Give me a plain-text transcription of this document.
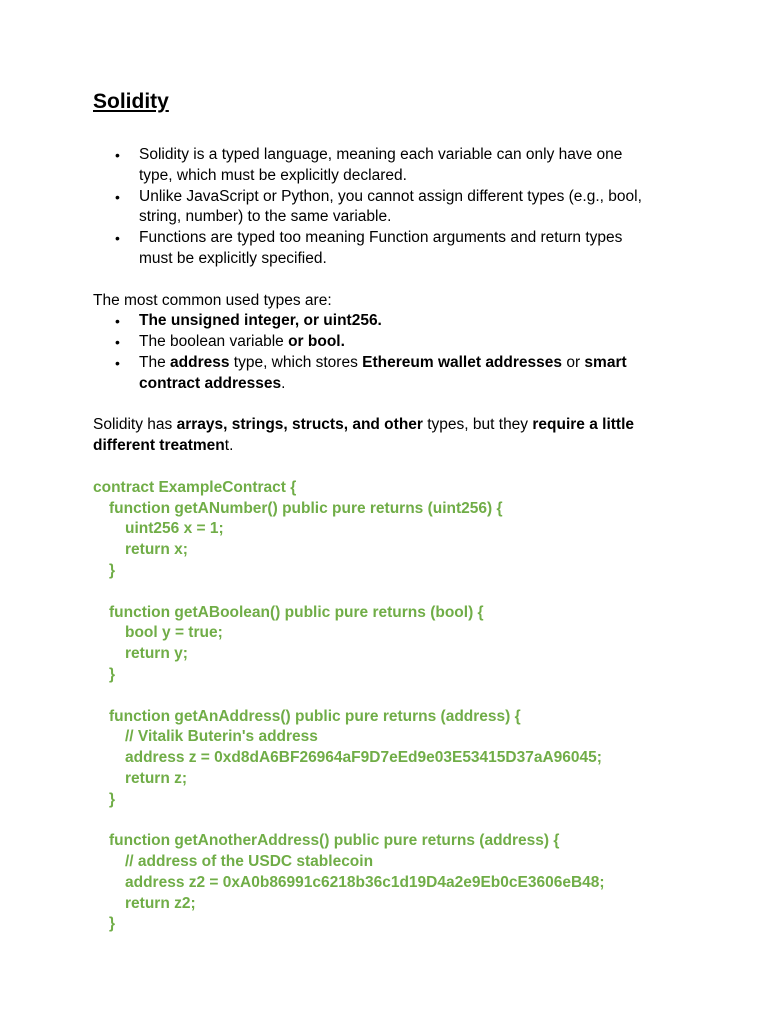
Solidity
• Solidity is a typed language, meaning each variable can only have one
type, which must be explicitly declared.
• Unlike JavaScript or Python, you cannot assign different types (e.g., bool,
string, number) to the same variable.
• Functions are typed too meaning Function arguments and return types
must be explicitly specified.

The most common used types are:

• The unsigned integer, or uint256.
• The boolean variable or bool.
• The address type, which stores Ethereum wallet addresses or smart
contract addresses.

Solidity has arrays, strings, structs, and other types, but they require a little
different treatment.

contract ExampleContract {
function getANumber() public pure returns (uint256) {
uint256 x = 1;
return x;
}
function getABoolean() public pure returns (bool) {
bool y = true;
return y;
}
function getAnAddress() public pure returns (address) {
// Vitalik Buterin's address
address z = 0xd8dA6BF26964aF9D7eEd9e03E53415D37aA96045;
return z;
}
function getAnotherAddress() public pure returns (address) {
// address of the USDC stablecoin
address z2 = 0xA0b86991c6218b36c1d19D4a2e9Eb0cE3606eB48;
return z2;
}
